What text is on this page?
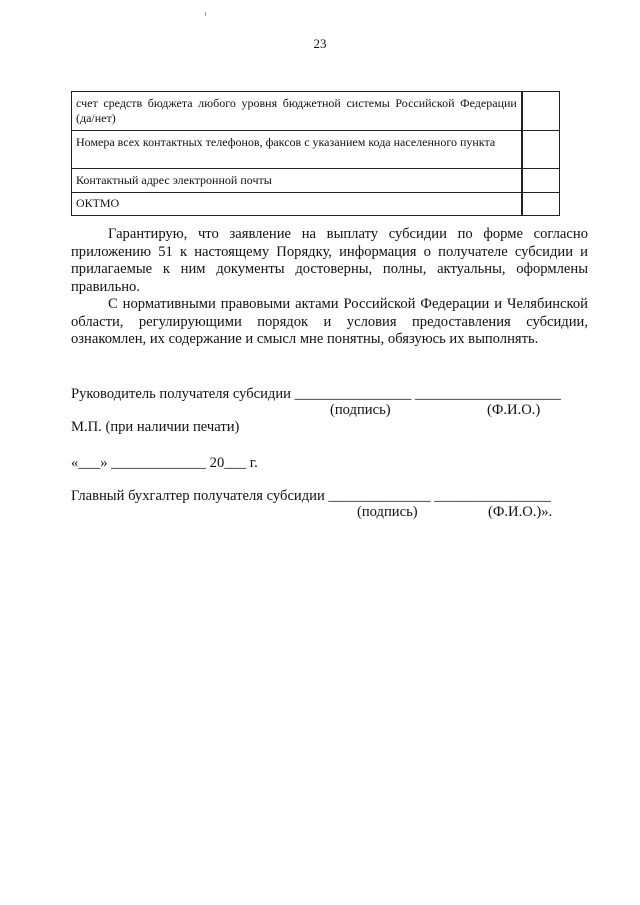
23
счет средств бюджета любого уровня бюджетной системы Российской Федерации (да/нет)	
Номера всех контактных телефонов, факсов с указанием кода населенного пункта	
Контактный адрес электронной почты	
ОКТМО	

Гарантирую, что заявление на выплату субсидии по форме согласно приложению 51 к настоящему Порядку, информация о получателе субсидии и прилагаемые к ним документы достоверны, полны, актуальны, оформлены правильно.

С нормативными правовыми актами Российской Федерации и Челябинской области, регулирующими порядок и условия предоставления субсидии, ознакомлен, их содержание и смысл мне понятны, обязуюсь их выполнять.

Руководитель получателя субсидии ________________ ____________________
(подпись)	(Ф.И.О.)
М.П. (при наличии печати)
«___» _____________ 20___ г.
Главный бухгалтер получателя субсидии ______________ ________________
(подпись)	(Ф.И.О.)».
